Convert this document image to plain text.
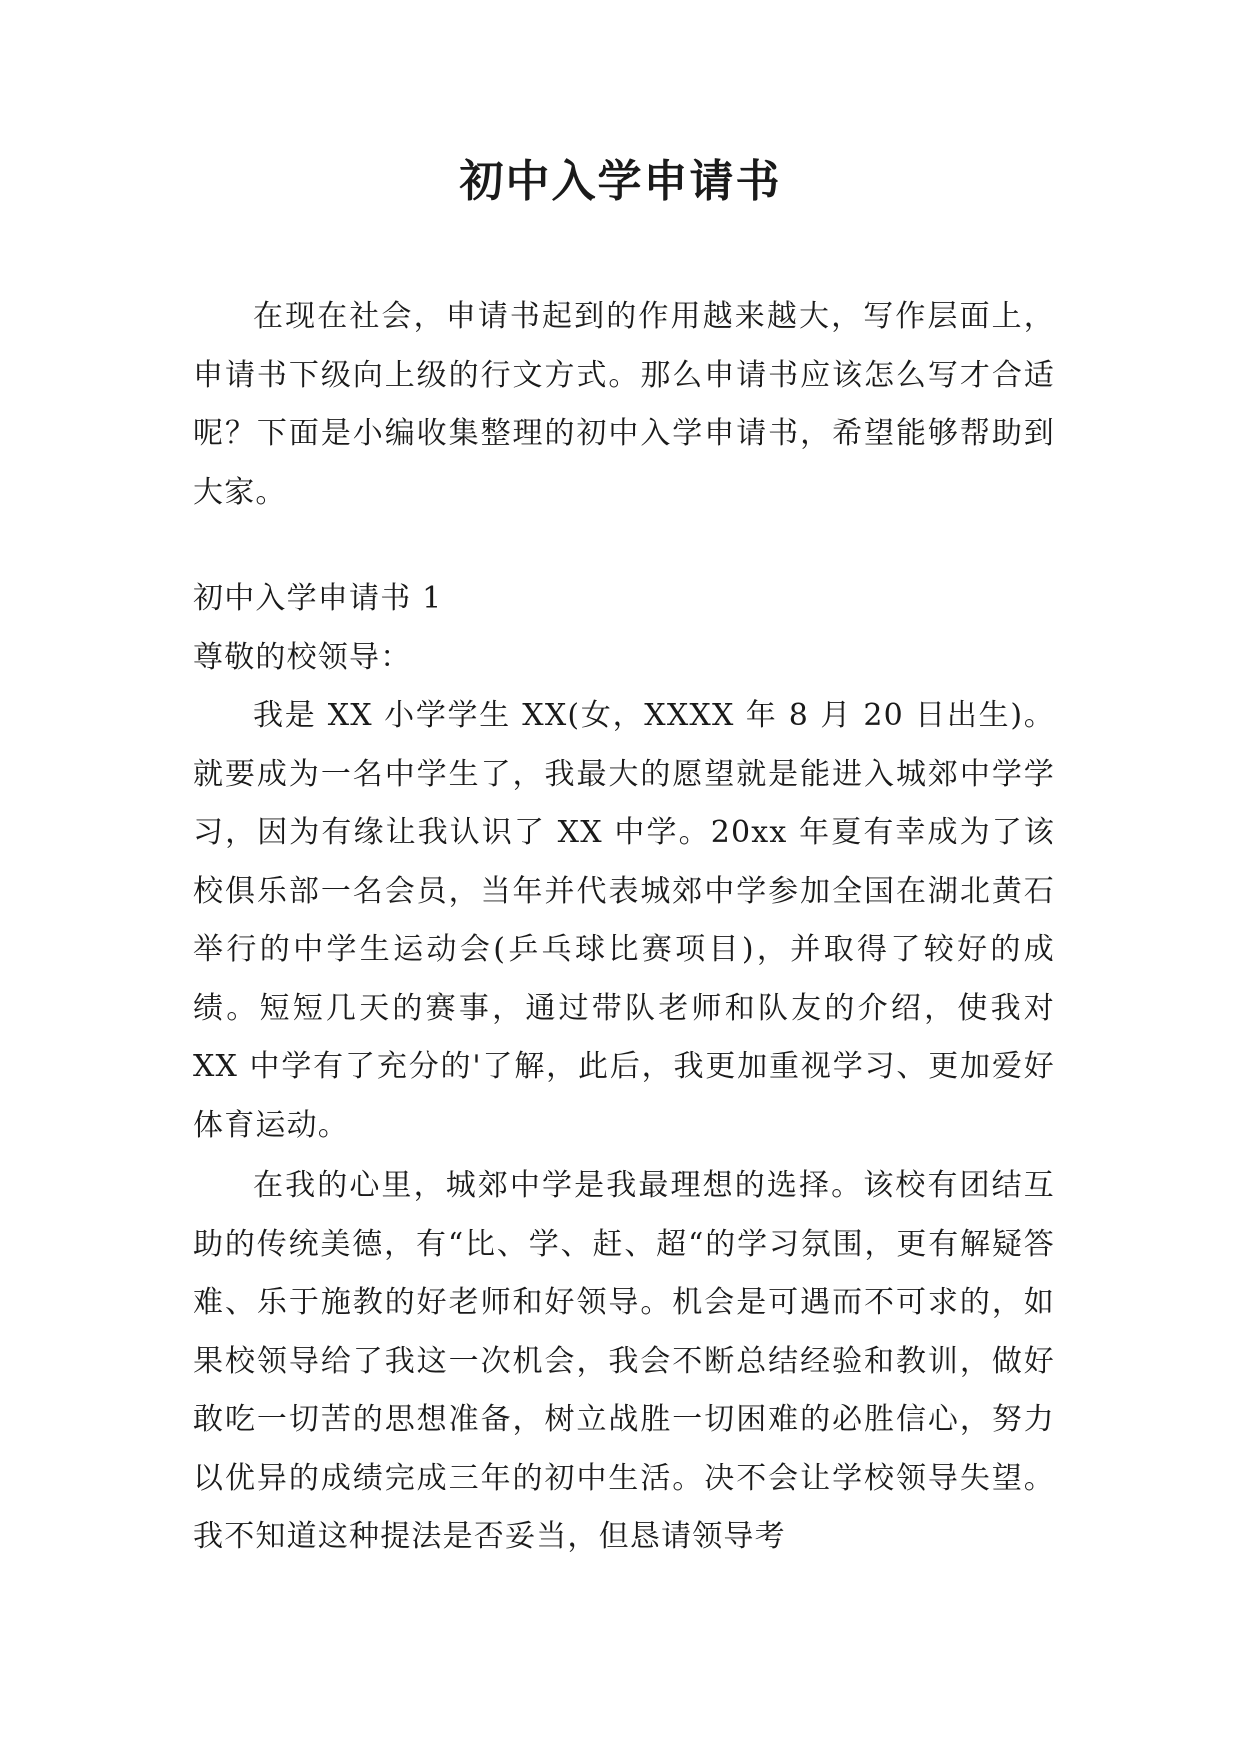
初中入学申请书

在现在社会，申请书起到的作用越来越大，写作层面上，申请书下级向上级的行文方式。那么申请书应该怎么写才合适呢？下面是小编收集整理的初中入学申请书，希望能够帮助到大家。

初中入学申请书 1

尊敬的校领导：

我是 XX 小学学生 XX(女，XXXX 年 8 月 20 日出生)。就要成为一名中学生了，我最大的愿望就是能进入城郊中学学习，因为有缘让我认识了 XX 中学。20xx 年夏有幸成为了该校俱乐部一名会员，当年并代表城郊中学参加全国在湖北黄石举行的中学生运动会(乒乓球比赛项目)，并取得了较好的成绩。短短几天的赛事，通过带队老师和队友的介绍，使我对 XX 中学有了充分的'了解，此后，我更加重视学习、更加爱好体育运动。

在我的心里，城郊中学是我最理想的选择。该校有团结互助的传统美德，有“比、学、赶、超“的学习氛围，更有解疑答难、乐于施教的好老师和好领导。机会是可遇而不可求的，如果校领导给了我这一次机会，我会不断总结经验和教训，做好敢吃一切苦的思想准备，树立战胜一切困难的必胜信心，努力以优异的成绩完成三年的初中生活。决不会让学校领导失望。我不知道这种提法是否妥当，但恳请领导考
